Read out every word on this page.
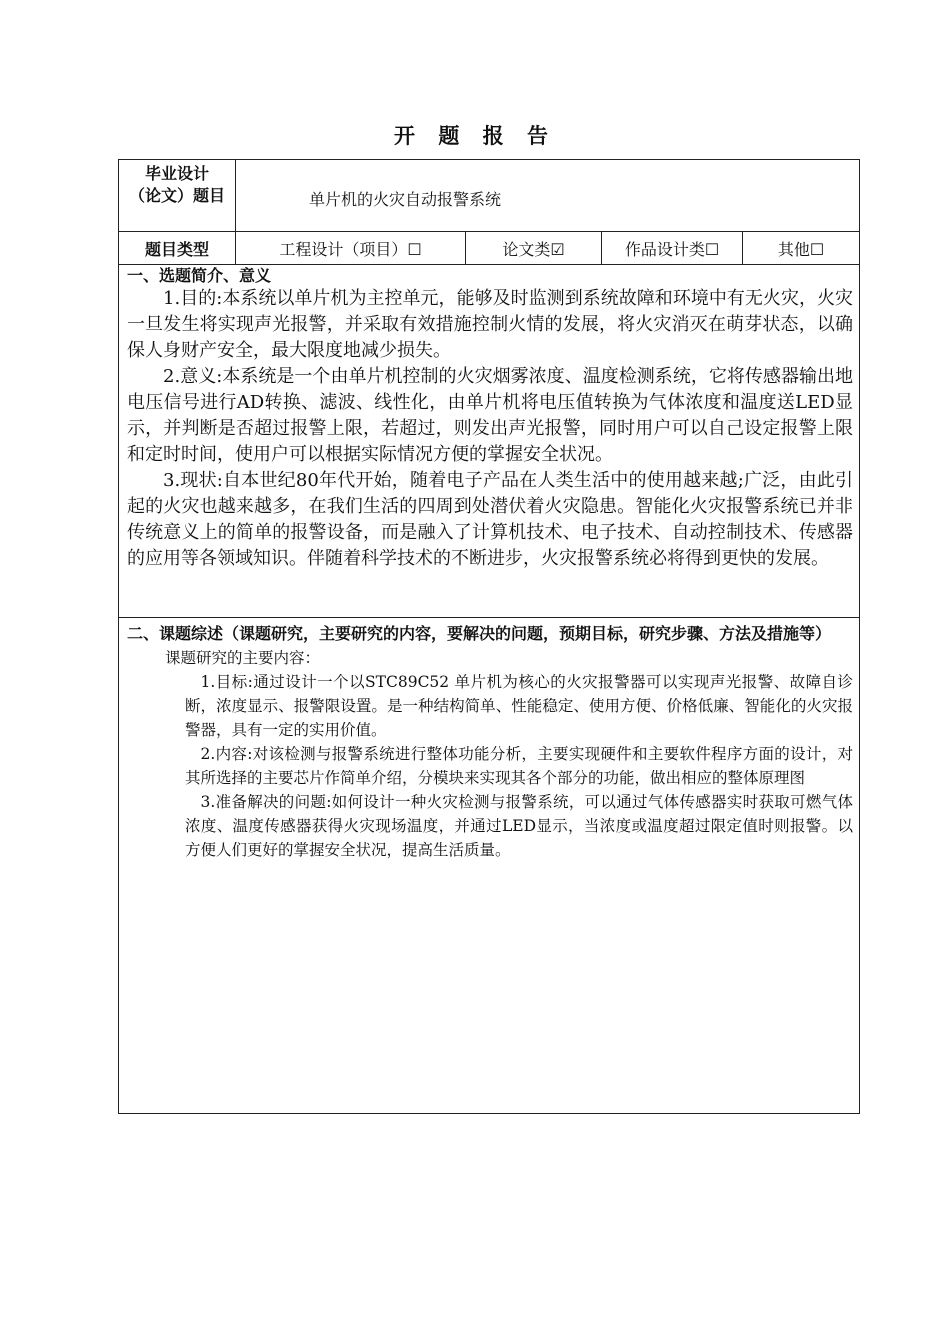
开 题 报 告
毕业设计
（论文）题目	单片机的火灾自动报警系统
题目类型	工程设计（项目）☐	论文类☑	作品设计类☐	其他☐
一、选题简介、意义

1.目的:本系统以单片机为主控单元，能够及时监测到系统故障和环境中有无火灾，火灾一旦发生将实现声光报警，并采取有效措施控制火情的发展，将火灾消灭在萌芽状态，以确保人身财产安全，最大限度地减少损失。

2.意义:本系统是一个由单片机控制的火灾烟雾浓度、温度检测系统，它将传感器输出地电压信号进行AD转换、滤波、线性化，由单片机将电压值转换为气体浓度和温度送LED显示，并判断是否超过报警上限，若超过，则发出声光报警，同时用户可以自己设定报警上限和定时时间，使用户可以根据实际情况方便的掌握安全状况。

3.现状:自本世纪80年代开始，随着电子产品在人类生活中的使用越来越;广泛，由此引起的火灾也越来越多，在我们生活的四周到处潜伏着火灾隐患。智能化火灾报警系统已并非传统意义上的简单的报警设备，而是融入了计算机技术、电子技术、自动控制技术、传感器的应用等各领域知识。伴随着科学技术的不断进步，火灾报警系统必将得到更快的发展。

二、课题综述（课题研究，主要研究的内容，要解决的问题，预期目标，研究步骤、方法及措施等）

课题研究的主要内容：

1.目标:通过设计一个以STC89C52 单片机为核心的火灾报警器可以实现声光报警、故障自诊断，浓度显示、报警限设置。是一种结构简单、性能稳定、使用方便、价格低廉、智能化的火灾报警器，具有一定的实用价值。

2.内容:对该检测与报警系统进行整体功能分析，主要实现硬件和主要软件程序方面的设计，对其所选择的主要芯片作简单介绍，分模块来实现其各个部分的功能，做出相应的整体原理图

3.准备解决的问题:如何设计一种火灾检测与报警系统，可以通过气体传感器实时获取可燃气体浓度、温度传感器获得火灾现场温度，并通过LED显示，当浓度或温度超过限定值时则报警。以方便人们更好的掌握安全状况，提高生活质量。
